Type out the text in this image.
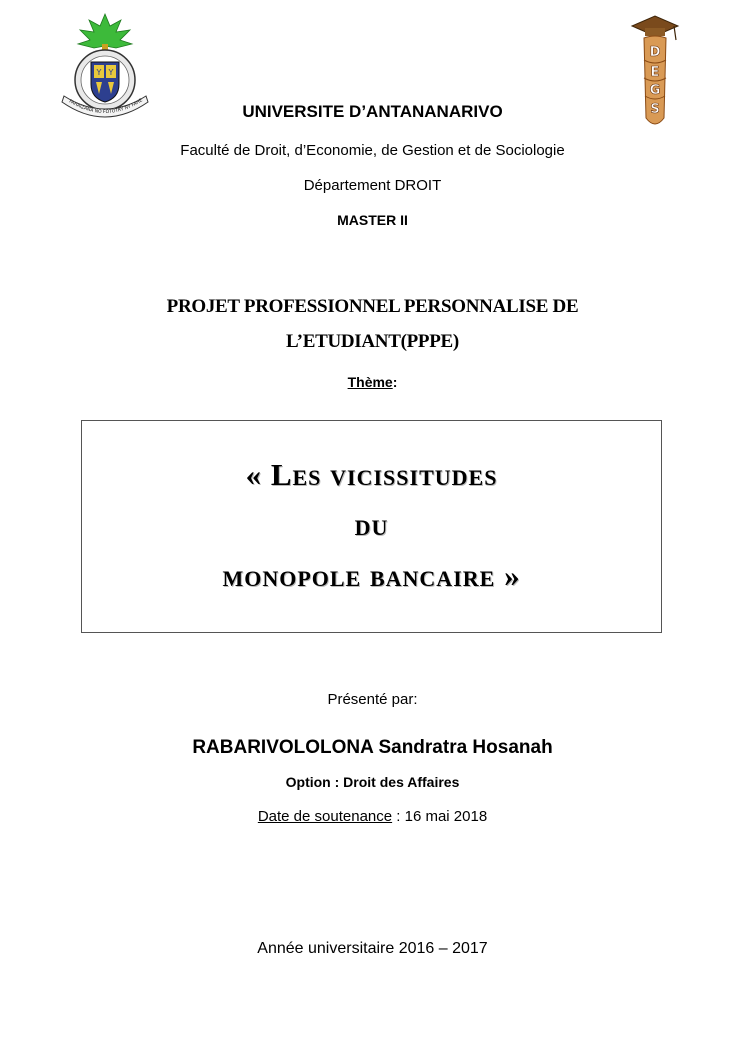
Y Y
FAHAIZANA NO FOTOTRY NY FAHE
D
E
G
S
UNIVERSITE D’ANTANANARIVO
Faculté de Droit, d’Economie, de Gestion et de Sociologie
Département DROIT
MASTER II
PROJET PROFESSIONNEL PERSONNALISE DE
L’ETUDIANT(PPPE)
Thème:
« Les vicissitudes
du
monopole bancaire »
Présenté par:
RABARIVOLOLONA Sandratra Hosanah
Option : Droit des Affaires
Date de soutenance : 16 mai 2018
Année universitaire 2016 – 2017
